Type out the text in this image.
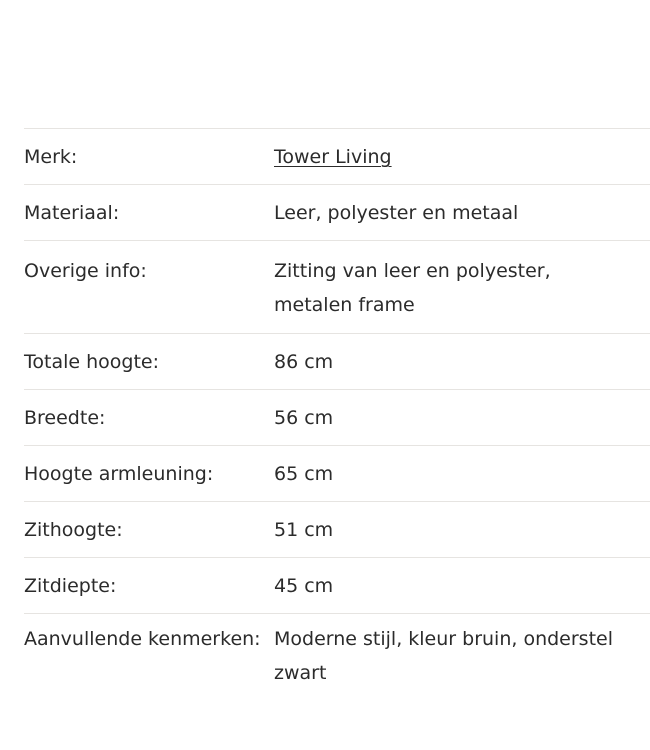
Merk:	Tower Living
Materiaal:	Leer, polyester en metaal
Overige info:	Zitting van leer en polyester,
metalen frame
Totale hoogte:	86 cm
Breedte:	56 cm
Hoogte armleuning:	65 cm
Zithoogte:	51 cm
Zitdiepte:	45 cm
Aanvullende kenmerken: Moderne stijl, kleur bruin, onderstel zwart
